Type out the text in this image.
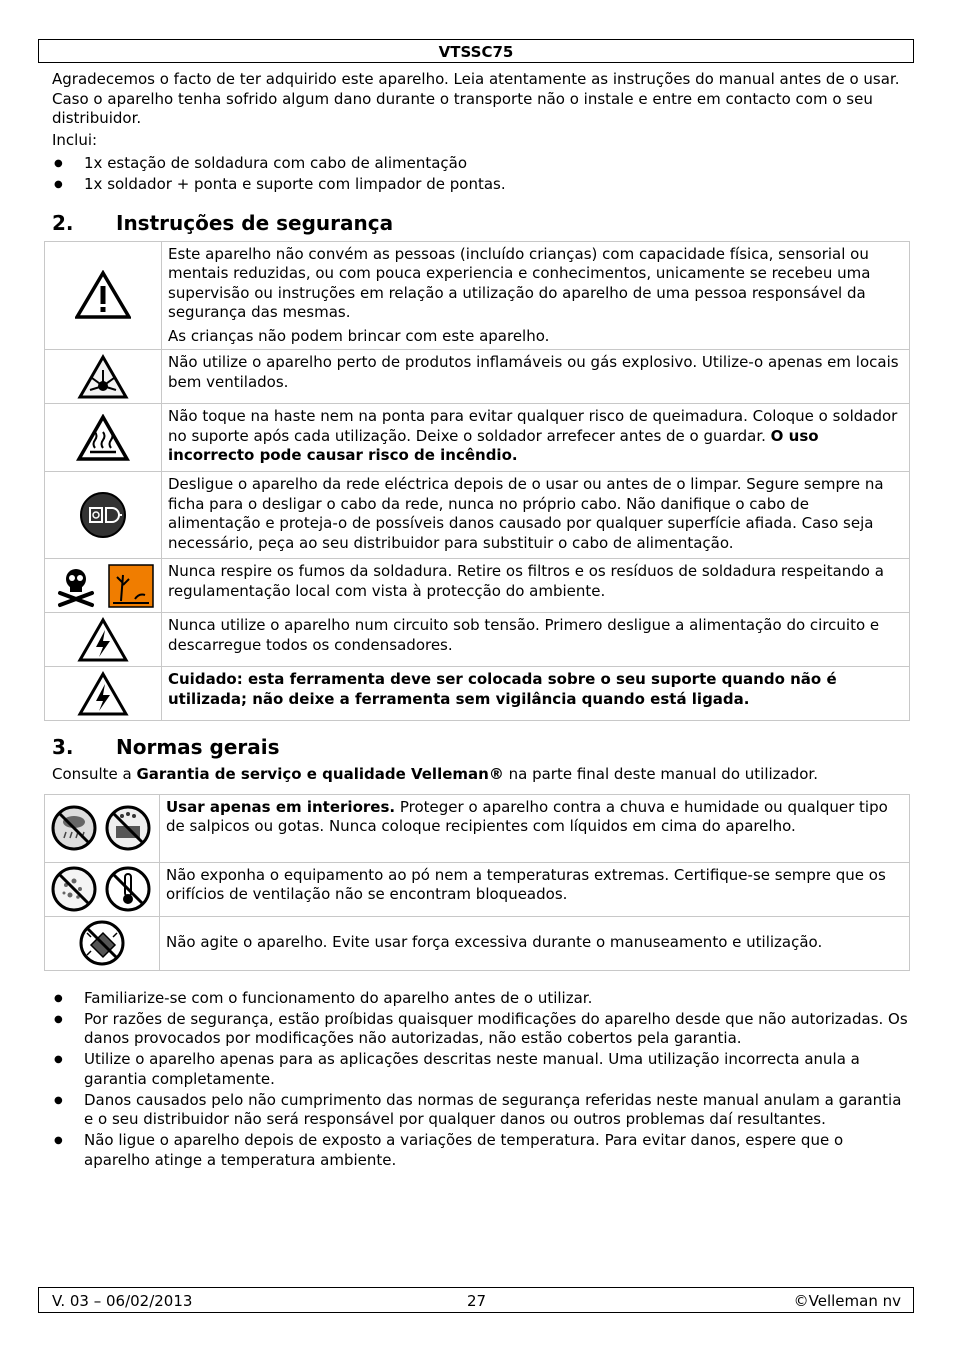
VTSSC75

Agradecemos o facto de ter adquirido este aparelho. Leia atentamente as instruções do manual antes de o usar. Caso o aparelho tenha sofrido algum dano durante o transporte não o instale e entre em contacto com o seu distribuidor.

Inclui:

● 1x estação de soldadura com cabo de alimentação
● 1x soldador + ponta e suporte com limpador de pontas.
2.	Instruções de segurança

Este aparelho não convém as pessoas (incluído crianças) com capacidade física, sensorial ou mentais reduzidas, ou com pouca experiencia e conhecimentos, unicamente se recebeu uma supervisão ou instruções em relação a utilização do aparelho de uma pessoa responsável da segurança das mesmas.

As crianças não podem brincar com este aparelho.

Não utilize o aparelho perto de produtos inflamáveis ou gás explosivo. Utilize-o apenas em locais bem ventilados.

	Não toque na haste nem na ponta para evitar qualquer risco de queimadura. Coloque o soldador no suporte após cada utilização. Deixe o soldador arrefecer antes de o guardar. O uso incorrecto pode causar risco de incêndio.

Desligue o aparelho da rede eléctrica depois de o usar ou antes de o limpar. Segure sempre na ficha para o desligar o cabo da rede, nunca no próprio cabo. Não danifique o cabo de alimentação e proteja-o de possíveis danos causado por qualquer superfície afiada. Caso seja necessário, peça ao seu distribuidor para substituir o cabo de alimentação.

Nunca respire os fumos da soldadura. Retire os filtros e os resíduos de soldadura respeitando a regulamentação local com vista à protecção do ambiente.

Nunca utilize o aparelho num circuito sob tensão. Primero desligue a alimentação do circuito e descarregue todos os condensadores.

	Cuidado: esta ferramenta deve ser colocada sobre o seu suporte quando não é utilizada; não deixe a ferramenta sem vigilância quando está ligada.
3.	Normas gerais

Consulte a Garantia de serviço e qualidade Velleman® na parte final deste manual do utilizador.

	Usar apenas em interiores. Proteger o aparelho contra a chuva e humidade ou qualquer tipo de salpicos ou gotas. Nunca coloque recipientes com líquidos em cima do aparelho.

Não exponha o equipamento ao pó nem a temperaturas extremas. Certifique-se sempre que os orifícios de ventilação não se encontram bloqueados.

Não agite o aparelho. Evite usar força excessiva durante o manuseamento e utilização.

● Familiarize-se com o funcionamento do aparelho antes de o utilizar.
● Por razões de segurança, estão proíbidas quaisquer modificações do aparelho desde que não autorizadas. Os danos provocados por modificações não autorizadas, não estão cobertos pela garantia.
● Utilize o aparelho apenas para as aplicações descritas neste manual. Uma utilização incorrecta anula a garantia completamente.
● Danos causados pelo não cumprimento das normas de segurança referidas neste manual anulam a garantia e o seu distribuidor não será responsável por qualquer danos ou outros problemas daí resultantes.
● Não ligue o aparelho depois de exposto a variações de temperatura. Para evitar danos, espere que o aparelho atinge a temperatura ambiente.
V. 03 – 06/02/2013	27	©Velleman nv
